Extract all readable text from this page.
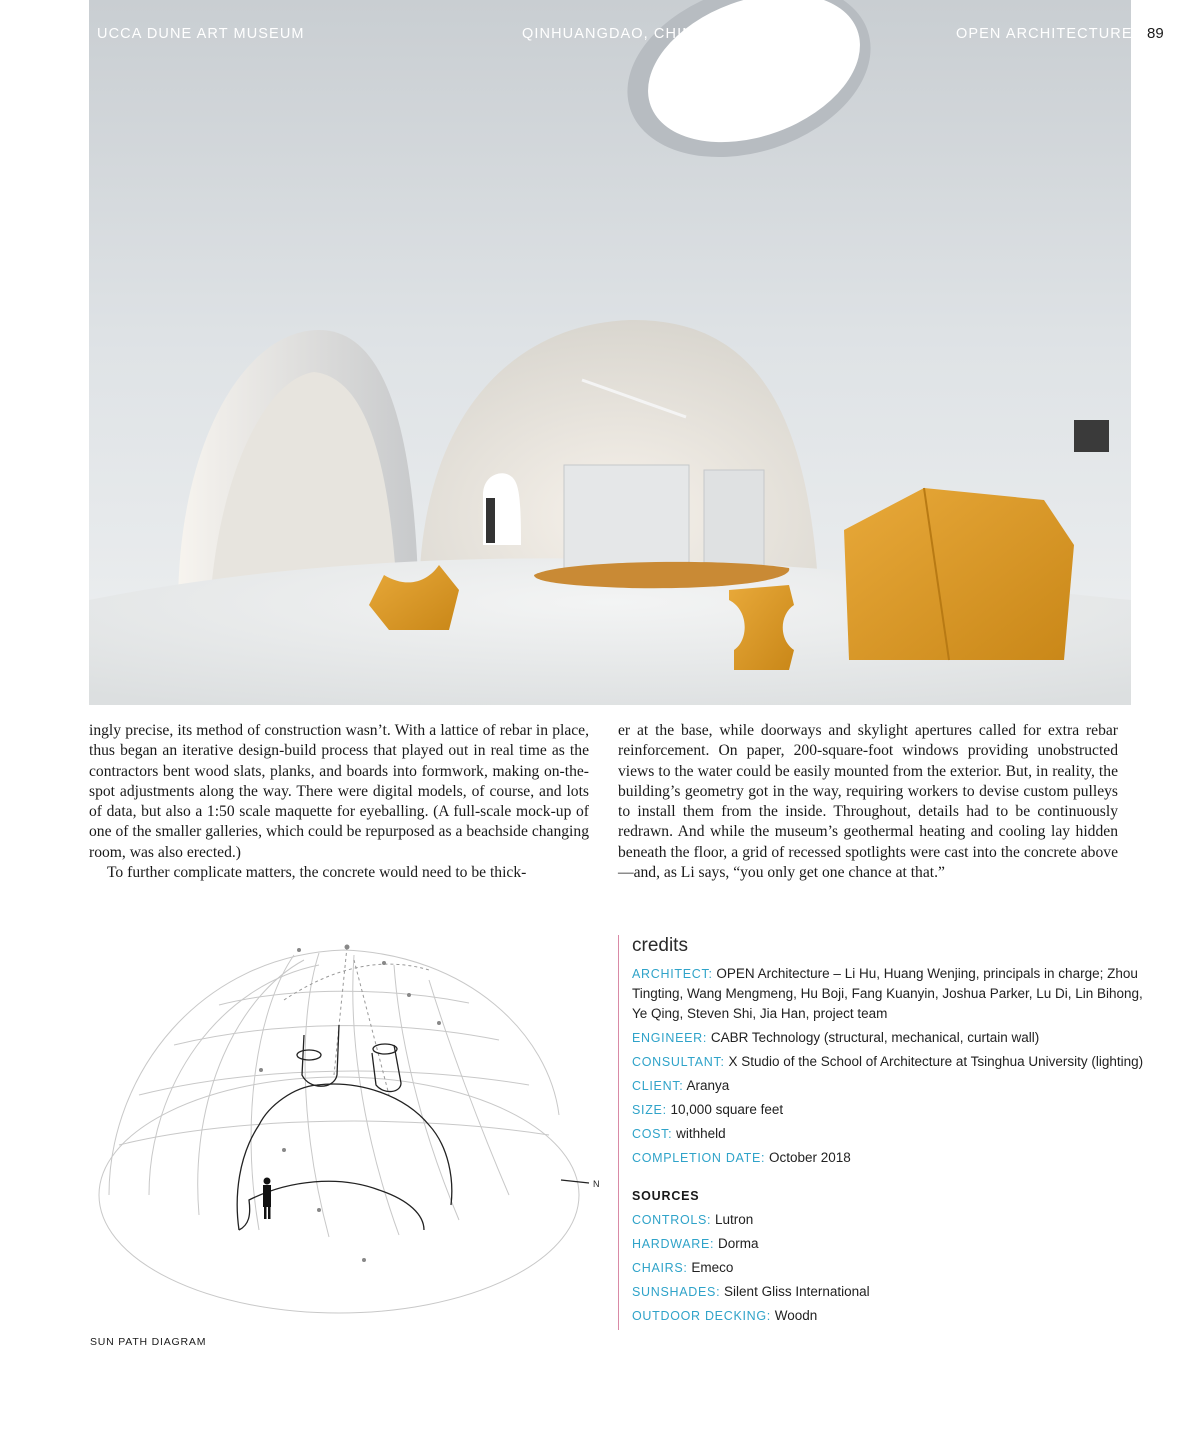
UCCA DUNE ART MUSEUM	QINHUANGDAO, CHINA	OPEN ARCHITECTURE 89

ingly precise, its method of construction wasn’t. With a lattice of rebar in place, thus began an iterative design-build process that played out in real time as the contractors bent wood slats, planks, and boards into formwork, making on-the-spot adjustments along the way. There were digital models, of course, and lots of data, but also a 1:50 scale maquette for eyeballing. (A full-scale mock-up of one of the smaller galleries, which could be repurposed as a beachside changing room, was also erected.)

To further complicate matters, the concrete would need to be thick-

er at the base, while doorways and skylight apertures called for extra rebar reinforcement. On paper, 200-square-foot windows providing unobstructed views to the water could be easily mounted from the exterior. But, in reality, the building’s geometry got in the way, requiring workers to devise custom pulleys to install them from the inside. Throughout, details had to be continuously redrawn. And while the museum’s geothermal heating and cooling lay hidden beneath the floor, a grid of recessed spotlights were cast into the concrete above—and, as Li says, “you only get one chance at that.”

N
SUN PATH DIAGRAM
credits
ARCHITECT: OPEN Architecture – Li Hu, Huang Wenjing, principals in charge; Zhou Tingting, Wang Mengmeng, Hu Boji, Fang Kuanyin, Joshua Parker, Lu Di, Lin Bihong, Ye Qing, Steven Shi, Jia Han, project team
ENGINEER: CABR Technology (structural, mechanical, curtain wall)
CONSULTANT: X Studio of the School of Architecture at Tsinghua University (lighting)
CLIENT: Aranya
SIZE: 10,000 square feet
COST: withheld
COMPLETION DATE: October 2018
SOURCES
CONTROLS: Lutron
HARDWARE: Dorma
CHAIRS: Emeco
SUNSHADES: Silent Gliss International
OUTDOOR DECKING: Woodn
